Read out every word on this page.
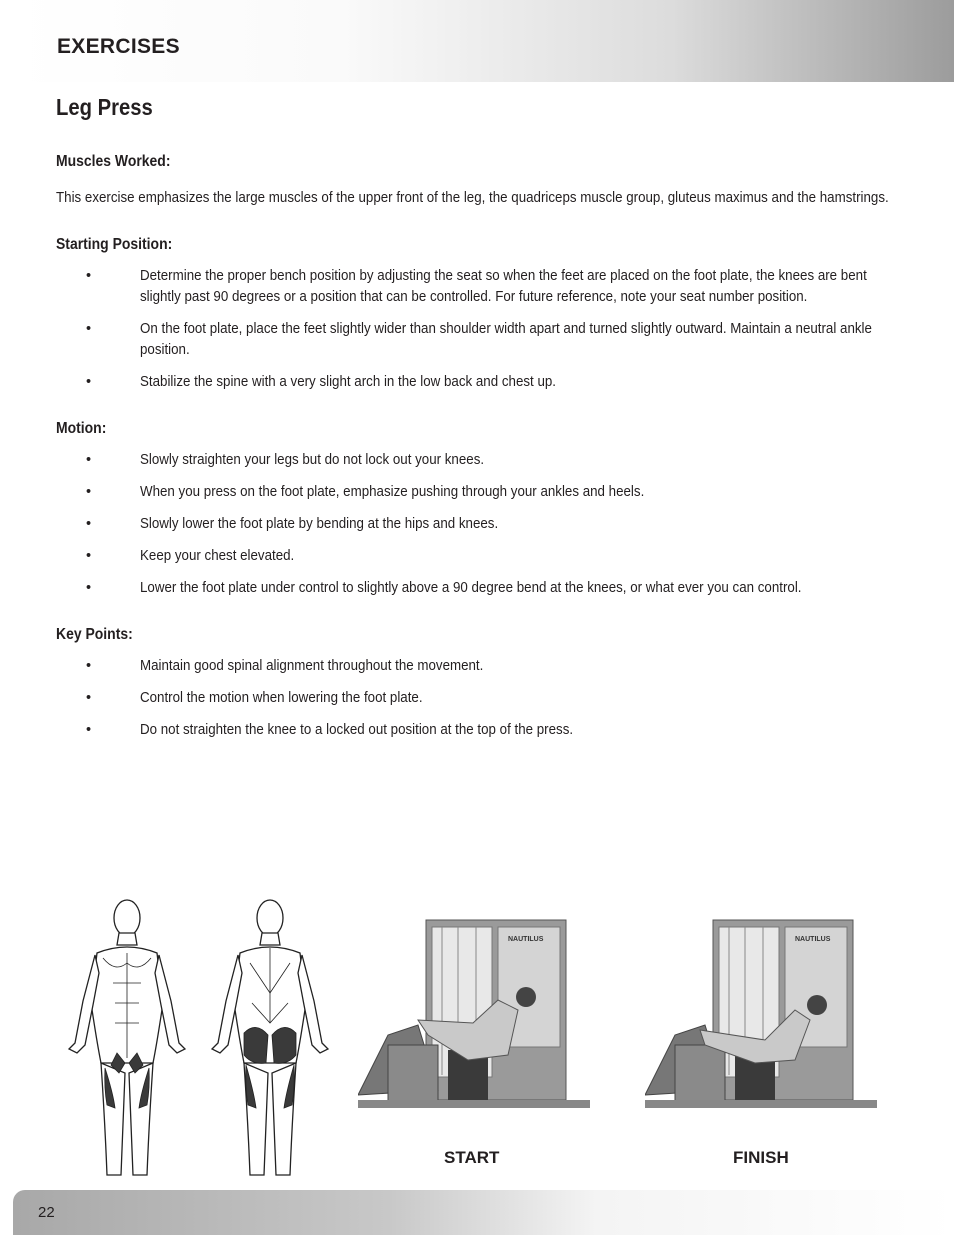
EXERCISES
Leg Press
Muscles Worked:
This exercise emphasizes the large muscles of the upper front of the leg, the quadriceps muscle group, gluteus maximus and the hamstrings.
Starting Position:
•	Determine the proper bench position by adjusting the seat so when the feet are placed on the foot plate, the knees are bent slightly past 90 degrees or a position that can be controlled. For future reference, note your seat number position.
•	On the foot plate, place the feet slightly wider than shoulder width apart and turned slightly outward. Maintain a neutral ankle position.
•	Stabilize the spine with a very slight arch in the low back and chest up.
Motion:
•	Slowly straighten your legs but do not lock out your knees.
•	When you press on the foot plate, emphasize pushing through your ankles and heels.
•	Slowly lower the foot plate by bending at the hips and knees.
•	Keep your chest elevated.
•	Lower the foot plate under control to slightly above a 90 degree bend at the knees, or what ever you can control.
Key Points:
•	Maintain good spinal alignment throughout the movement.
•	Control the motion when lowering the foot plate.
•	Do not straighten the knee to a locked out position at the top of the press.
NAUTILUS	NAUTILUS
START	FINISH
22
